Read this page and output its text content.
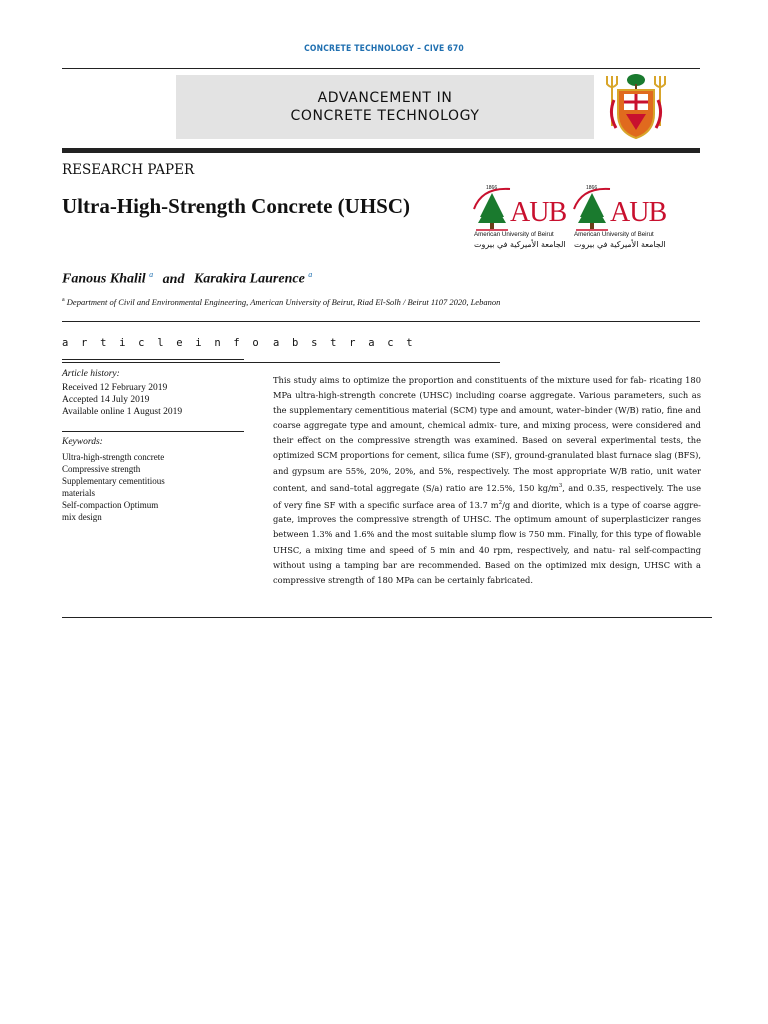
CONCRETE TECHNOLOGY – CIVE 670
ADVANCEMENT IN
CONCRETE TECHNOLOGY
RESEARCH PAPER
Ultra-High-Strength Concrete (UHSC)
1866
AUB
American University of Beirut
الجامعة الأميركية في بيروت
1866
AUB
American University of Beirut
الجامعة الأميركية في بيروت
Fanous Khalil $^a$ and Karakira Laurence $^a$
$^a$ Department of Civil and Environmental Engineering, American University of Beirut, Riad El-Solh / Beirut 1107 2020, Lebanon
a r t i c l e i n f o a b s t r a c t
Article history:
Received 12 February 2019
Accepted 14 July 2019
Available online 1 August 2019
Keywords:
Ultra-high-strength concrete
Compressive strength
Supplementary cementitious
materials
Self-compaction Optimum
mix design
This study aims to optimize the proportion and constituents of the mixture used for fab- ricating 180 MPa ultra-high-strength concrete (UHSC) including coarse aggregate. Various parameters, such as the supplementary cementitious material (SCM) type and amount, water–binder (W/B) ratio, fine and coarse aggregate type and amount, chemical admix- ture, and mixing process, were considered and their effect on the compressive strength was examined. Based on several experimental tests, the optimized SCM proportions for cement, silica fume (SF), ground-granulated blast furnace slag (BFS), and gypsum are 55%, 20%, 20%, and 5%, respectively. The most appropriate W/B ratio, unit water content, and sand–total aggregate (S/a) ratio are 12.5%, 150 $kg/m^3$, and 0.35, respectively. The use of very fine SF with a specific surface area of 13.7 $m^2/g$ and diorite, which is a type of coarse aggre- gate, improves the compressive strength of UHSC. The optimum amount of superplasticizer ranges between 1.3% and 1.6% and the most suitable slump flow is 750 mm. Finally, for this type of flowable UHSC, a mixing time and speed of 5 min and 40 rpm, respectively, and natu- ral self-compacting without using a tamping bar are recommended. Based on the optimized mix design, UHSC with a compressive strength of 180 MPa can be certainly fabricated.
